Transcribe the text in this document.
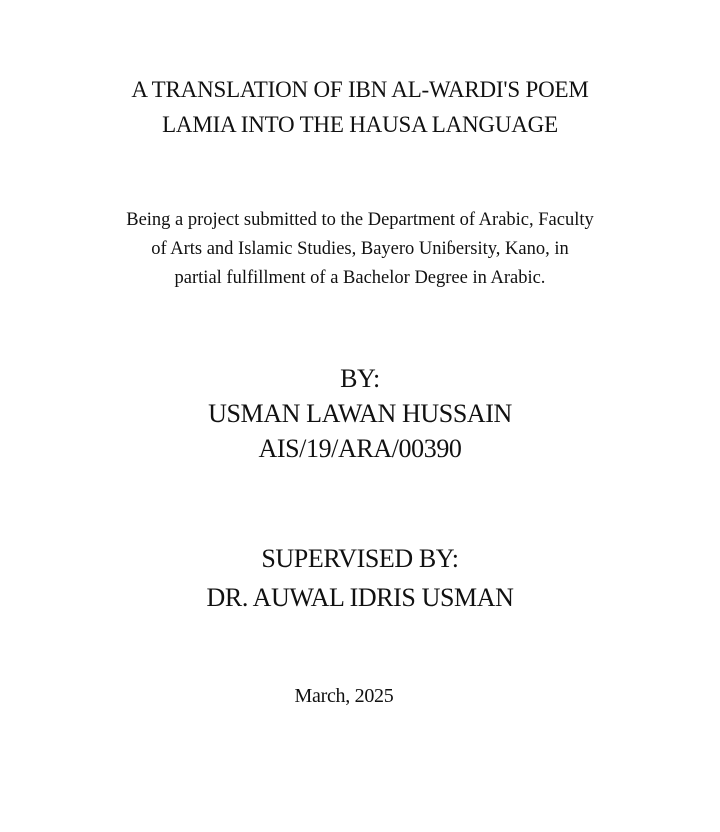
A TRANSLATION OF IBN AL-WARDI'S POEM
LAMIA INTO THE HAUSA LANGUAGE
Being a project submitted to the Department of Arabic, Faculty
of Arts and Islamic Studies, Bayero Uniɓersity, Kano, in
partial fulfillment of a Bachelor Degree in Arabic.
BY:
USMAN LAWAN HUSSAIN
AIS/19/ARA/00390
SUPERVISED BY:
DR. AUWAL IDRIS USMAN
March, 2025
